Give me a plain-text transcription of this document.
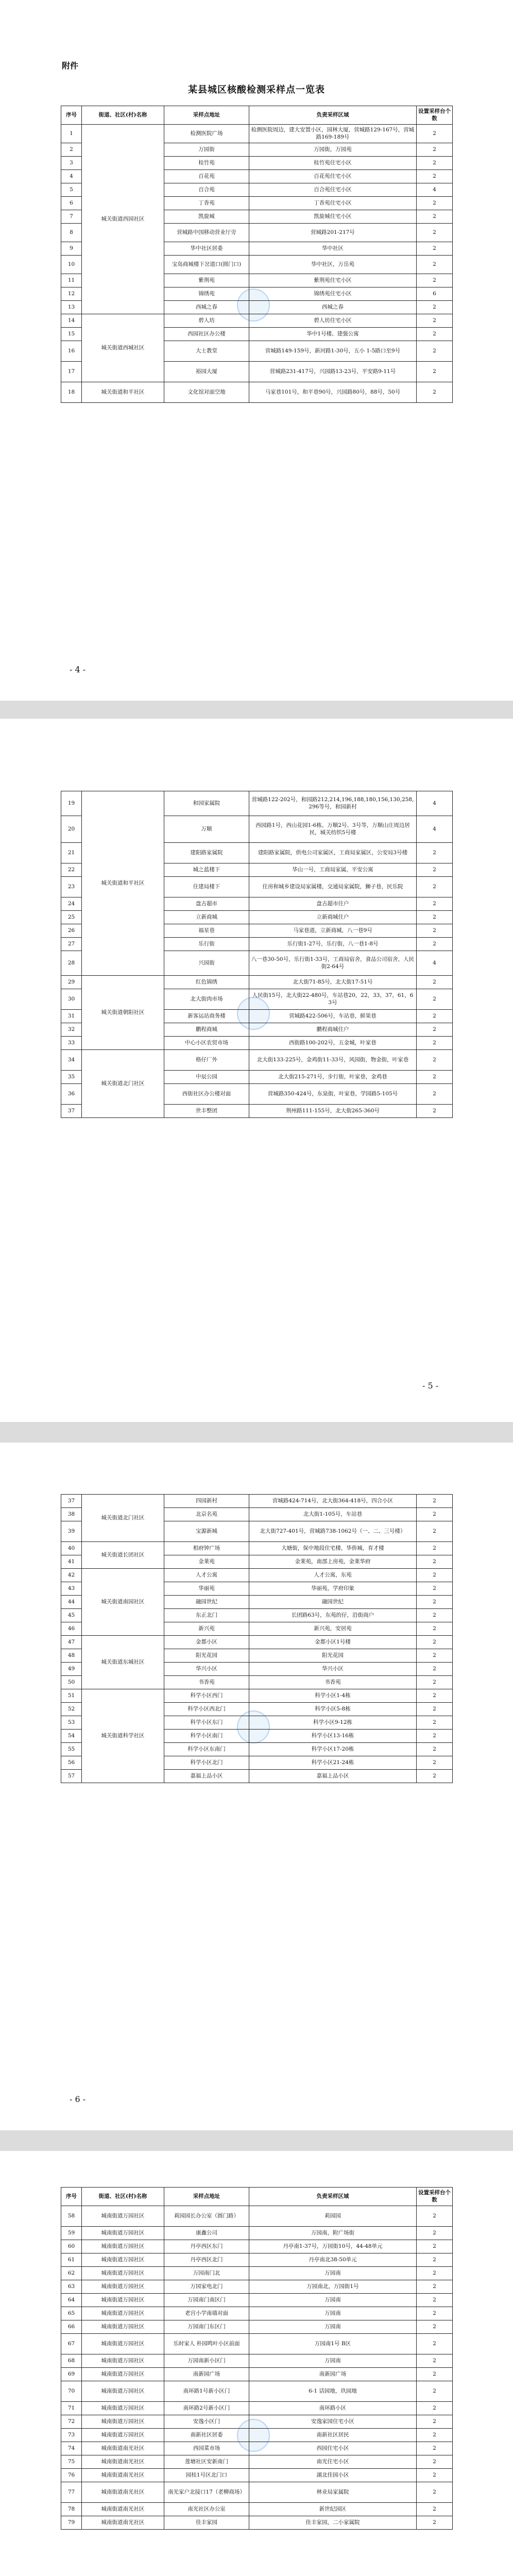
附件
某县城区核酸检测采样点一览表
序号	街道、社区(村)名称	采样点地址	负责采样区域	设置采样台个数
1	城关街道西园社区	检测医院广场	检测医院周边，建大安置小区，园林大厦，营城路129-167号，营城路169-189号	2
2		万园街	万园街，万园苑	2
3		桂竹苑	桂竹苑住宅小区	2
4		百花苑	百花苑住宅小区	2
5		百合苑	百合苑住宅小区	4
6		丁香苑	丁香苑住宅小区	2
7		凯旋城	凯旋城住宅小区	2
8		营城路中国移动营业厅旁	营城路201-217号	2
9		华中社区居委	华中社区	2
10		宝岛商城楼下岔道口(圆门口)	华中社区，万岳苑	2
11		紫荆苑	紫荆苑住宅小区	2
12		锦绣苑	锦绣苑住宅小区	6
13		西城之春	西城之春	2
14	城关街道西城社区	碧人坊	碧人坊住宅小区	2
15		西园社区办公楼	华中1号楼、建强公寓	2
16		大士教堂	营城路149-159号，新河路1-30号，五小 1-5路口至9号	2
17		裕园大厦	营城路231-417号，兴园路13-23号，平安路9-11号	2
18	城关街道和平社区	文化馆对面空地	马家巷101号，和平巷90号，兴园路80号，88号，50号	2
- 4 -
19	城关街道和平社区	和园家属院	营城路122-202号，和园路212,214,196,188,180,156,130,258,296等号，和园新村	4
20		万顺	西园路1号，西山花园1-6栋，万顺2号、3号等，万顺山庄周边居民，城关纺织5号楼	4
21		建阳路家属院	建阳路家属院，供电公司家属区，工商局家属区，公安局3号楼	2
22		城之蓝楼下	华山一号，工商局家属，平安公寓	2
23		住建局楼下	住房和城乡建设局家属楼，交通局家属院，狮子巷，民乐院	2
24		盘古超市	盘古超市住户	2
25		立新商城	立新商城住户	2
26		福星巷	马家巷道，立新商城，八一巷9号	2
27		乐行街	乐行街1-27号，乐行街，八一巷1-8号	2
28		兴园街	八一巷30-50号，乐行街1-33号，工商局宿舍，食品公司宿舍，人民街2-64号	4
29	城关街道朝阳社区	红色锦绣	北大街71-85号，北大街17-51号	2
30		北大街肉市场	人民街15号，北大街22-480号，车站巷20，22，33，37，61，63号	2
31		新客运站商务楼	营城路422-506号，车站巷，鲜果巷	2
32		鹏程商城	鹏程商城住户	2
33		中心小区农贸市场	西街路100-202号，五金城，叶家巷	2
34	城关街道北门社区	格仔厂外	北大街133-225号，金鸡街11-33号，风园街，物金街，叶家巷	2
35		中辰公园	北大街215-271号，步行街，叶家巷，金鸡巷	2
36		西街社区办公楼对面	营城路350-424号，东泉街，叶家巷，学园路5-105号	2
37		世丰整团	荆州路111-155号，北大街265-360号	2
- 5 -
37	城关街道北门社区	四园新村	营城路424-714号，北大街364-418号，四合小区	2
38		北京名苑	北大街1-105号，车站巷	2
39		宝源新城	北大街727-401号，营城路738-1062号（一、二、三号楼）	2
40	城关街道长团社区	相府钟广场	大塘街，保中地段住宅楼，华侨城，育才楼	2
41		金莱苑	金莱苑，南部上房苑，金莱华府	2
42	城关街道南园社区	人才公寓	人才公寓，东苑	2
43		华丽苑	华丽苑，学府印象	2
44		融园世纪	融园世纪	2
45		东正北门	长团路63号，东苑的仔，沿街商户	2
46		新兴苑	新兴苑，安居苑	2
47	城关街道东城社区	金都小区	金都小区1号楼	2
48		阳光花园	阳光花园	2
49		华兴小区	华兴小区	2
50		书香苑	书香苑	2
51	城关街道科学社区	科学小区西门	科学小区1-4栋	2
52		科学小区西北门	科学小区5-8栋	2
53		科学小区东门	科学小区9-12栋	2
54		科学小区南门	科学小区13-16栋	2
55		科学小区东南门	科学小区17-20栋	2
56		科学小区北门	科学小区21-24栋	2
57		嘉福上品小区	嘉福上品小区	2
- 6 -
序号	街道、社区(村)名称	采样点地址	负责采样区域	设置采样台个数
58	城南街道万园社区	莉园园长办公室（圆门路）	莉园园	2
59	城南街道万园社区	康鑫公司	万园南，附广场街	2
60	城南街道万园社区	丹亭西区东门	丹亭南1-37号，万园街10号，44-48单元	2
61	城南街道万园社区	丹亭西区北门	丹亭南北38-50单元	2
62	城南街道万园社区	万园南门北	万园南	2
63	城南街道万园社区	万园家电北门	万园南北，万园街1号	2
64	城南街道万园社区	万园南门南区门	万园南	2
65	城南街道万园社区	老宫小学南墙对面	万园南	2
66	城南街道万园社区	万园南门东区门	万园南	2
67	城南街道万园社区	乐时家人 朴园鸣叶小区前面	万园南1号 B区	2
68	城南街道万园社区	万园南新小区门	万园南	2
69	城南街道万园社区	南新园广场	南新园广场	2
70	城南街道万园社区	南环路1号新小区门	6-1 话园地，玖园地	2
71	城南街道万园社区	南环路2号新小区门	南环路小区	2
72	城南街道万园社区	安逸小区门	安逸家园住宅小区	2
73	城南街道万园社区	南新社区居委	南新社区居民	2
74	城南街道南光社区	西园菜市场	西园住宅小区	2
75	城南街道南光社区	莲塘社区安新南门	南光住宅小区	2
76	城南街道南光社区	园桂1号区北门口	湖北佳园小区	2
77	城南街道南光社区	南光家户北接口17（老柳商场）	林业局家属院	2
78	城南街道南光社区	南光社区办公室	新世纪园区	2
79	城南街道南光社区	佳丰家园	佳丰家园，二小家属院	2
